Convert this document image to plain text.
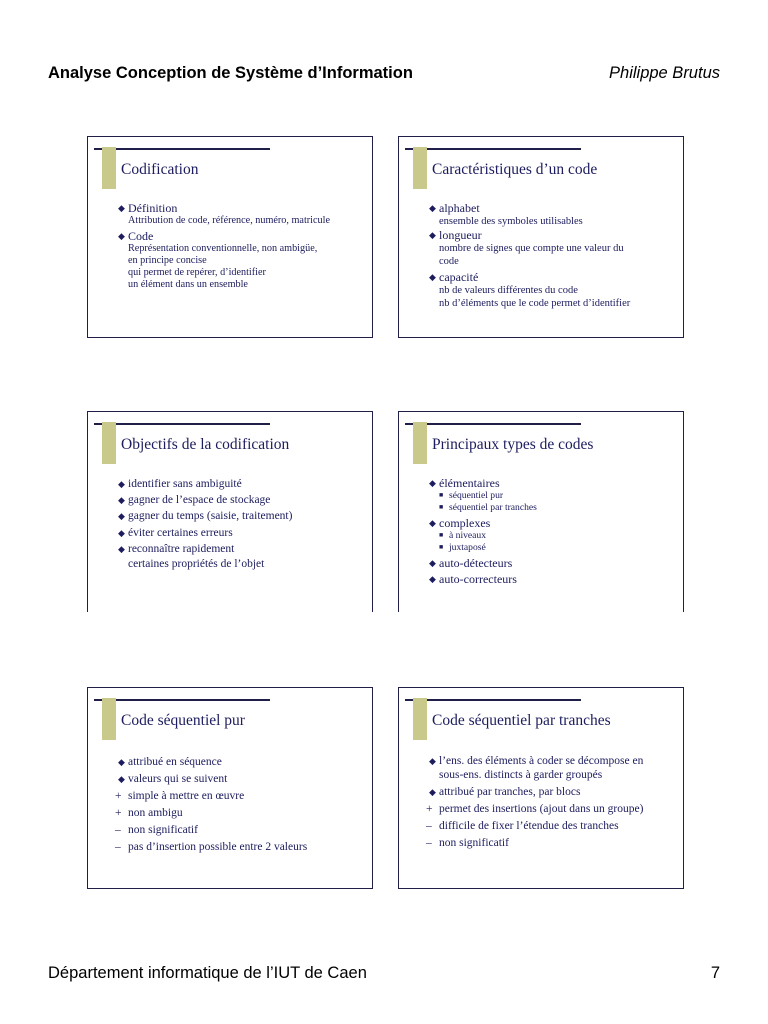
Analyse Conception de Système d’Information	Philippe Brutus
Codification
◆ Définition
Attribution de code, référence, numéro, matricule
◆ Code
Représentation conventionnelle, non ambigüe,
en principe concise
qui permet de repérer, d’identifier
un élément dans un ensemble
Caractéristiques d’un code
◆ alphabet
ensemble des symboles utilisables
◆ longueur
nombre de signes que compte une valeur du
code
◆ capacité
nb de valeurs différentes du code
nb d’éléments que le code permet d’identifier
Objectifs de la codification
◆ identifier sans ambiguité
◆ gagner de l’espace de stockage
◆ gagner du temps (saisie, traitement)
◆ éviter certaines erreurs
◆ reconnaître rapidement
certaines propriétés de l’objet
Principaux types de codes
◆ élémentaires
■ séquentiel pur
■ séquentiel par tranches
◆ complexes
■ à niveaux
■ juxtaposé
◆ auto-détecteurs
◆ auto-correcteurs
Code séquentiel pur
◆ attribué en séquence
◆ valeurs qui se suivent
+ simple à mettre en œuvre
+ non ambigu
– non significatif
– pas d’insertion possible entre 2 valeurs
Code séquentiel par tranches
◆ l’ens. des éléments à coder se décompose en
sous-ens. distincts à garder groupés
◆ attribué par tranches, par blocs
+ permet des insertions (ajout dans un groupe)
– difficile de fixer l’étendue des tranches
– non significatif
Département informatique de l’IUT de Caen	7
